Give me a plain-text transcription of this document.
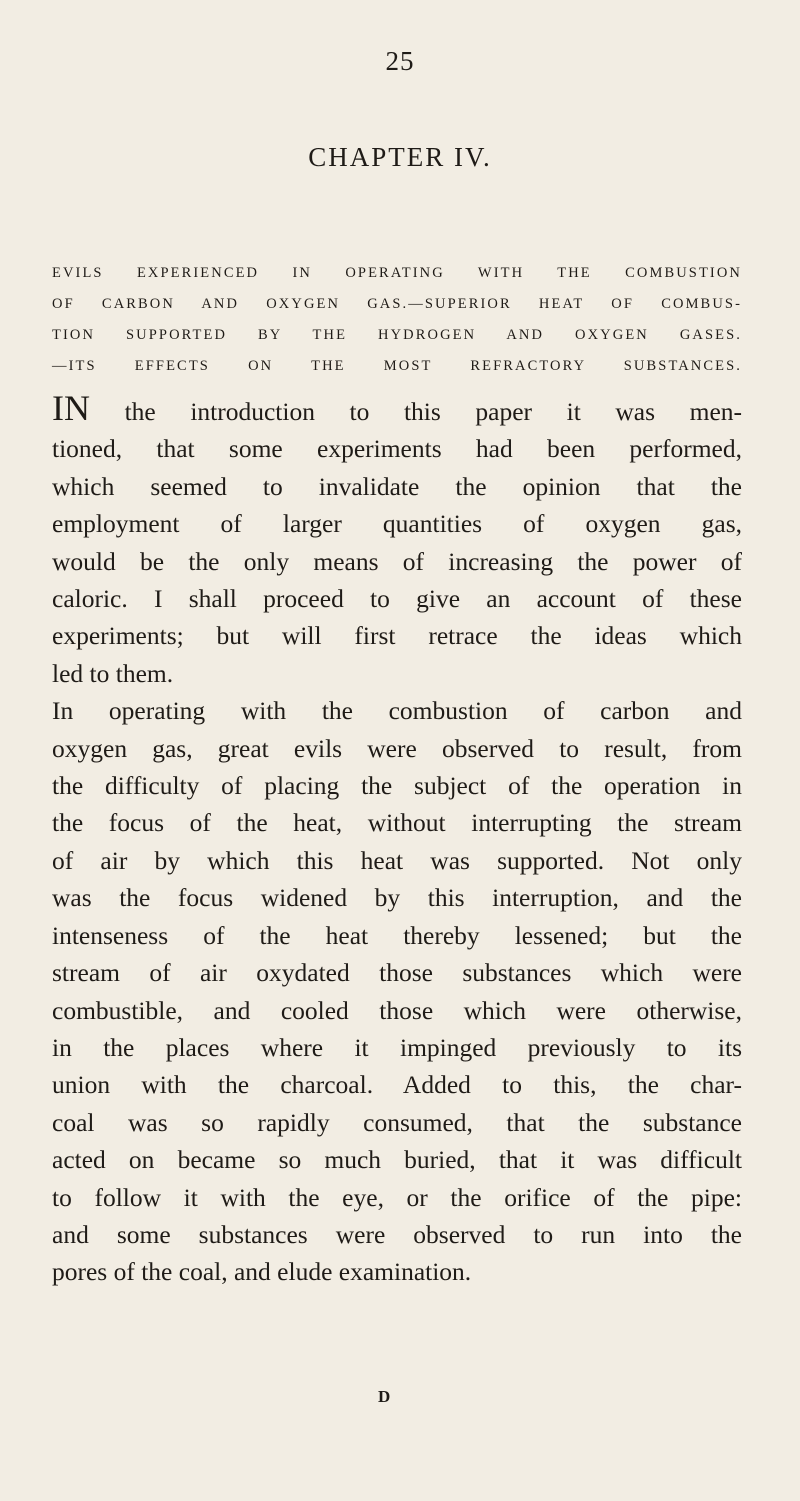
25
CHAPTER IV.
EVILS EXPERIENCED IN OPERATING WITH THE COMBUSTION
OF CARBON AND OXYGEN GAS.—SUPERIOR HEAT OF COMBUS-
TION SUPPORTED BY THE HYDROGEN AND OXYGEN GASES.
—ITS EFFECTS ON THE MOST REFRACTORY SUBSTANCES.
IN the introduction to this paper it was men-
tioned, that some experiments had been performed,
which seemed to invalidate the opinion that the
employment of larger quantities of oxygen gas,
would be the only means of increasing the power of
caloric. I shall proceed to give an account of these
experiments; but will first retrace the ideas which
led to them.
In operating with the combustion of carbon and
oxygen gas, great evils were observed to result, from
the difficulty of placing the subject of the operation in
the focus of the heat, without interrupting the stream
of air by which this heat was supported. Not only
was the focus widened by this interruption, and the
intenseness of the heat thereby lessened; but the
stream of air oxydated those substances which were
combustible, and cooled those which were otherwise,
in the places where it impinged previously to its
union with the charcoal. Added to this, the char-
coal was so rapidly consumed, that the substance
acted on became so much buried, that it was difficult
to follow it with the eye, or the orifice of the pipe:
and some substances were observed to run into the
pores of the coal, and elude examination.
D
